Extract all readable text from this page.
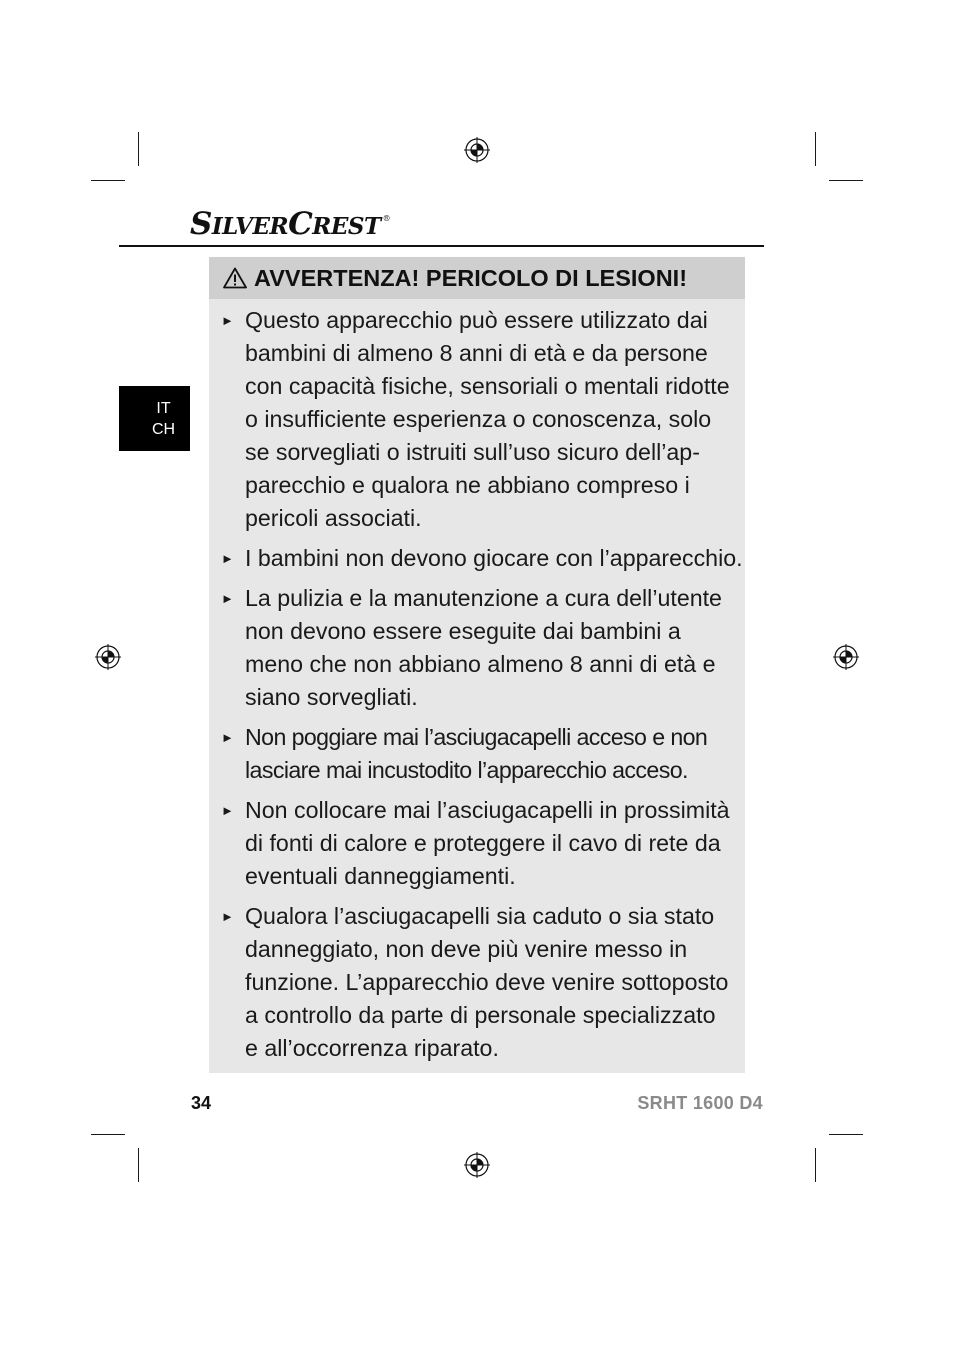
SILVERCREST ®
IT
CH
AVVERTENZA! PERICOLO DI LESIONI!
► Questo apparecchio può essere utilizzato dai
bambini di almeno 8 anni di età e da persone
con capacità fisiche, sensoriali o mentali ridotte
o insufficiente esperienza o conoscenza, solo
se sorvegliati o istruiti sull’uso sicuro dell’ap-
parecchio e qualora ne abbiano compreso i
pericoli associati.
► I bambini non devono giocare con l’apparecchio.
► La pulizia e la manutenzione a cura dell’utente
non devono essere eseguite dai bambini a
meno che non abbiano almeno 8 anni di età e
siano sorvegliati.
► Non poggiare mai l’asciugacapelli acceso e non
lasciare mai incustodito l’apparecchio acceso.
► Non collocare mai l’asciugacapelli in prossimità
di fonti di calore e proteggere il cavo di rete da
eventuali danneggiamenti.
► Qualora l’asciugacapelli sia caduto o sia stato
danneggiato, non deve più venire messo in
funzione. L’apparecchio deve venire sottoposto
a controllo da parte di personale specializzato
e all’occorrenza riparato.
34	SRHT 1600 D4
